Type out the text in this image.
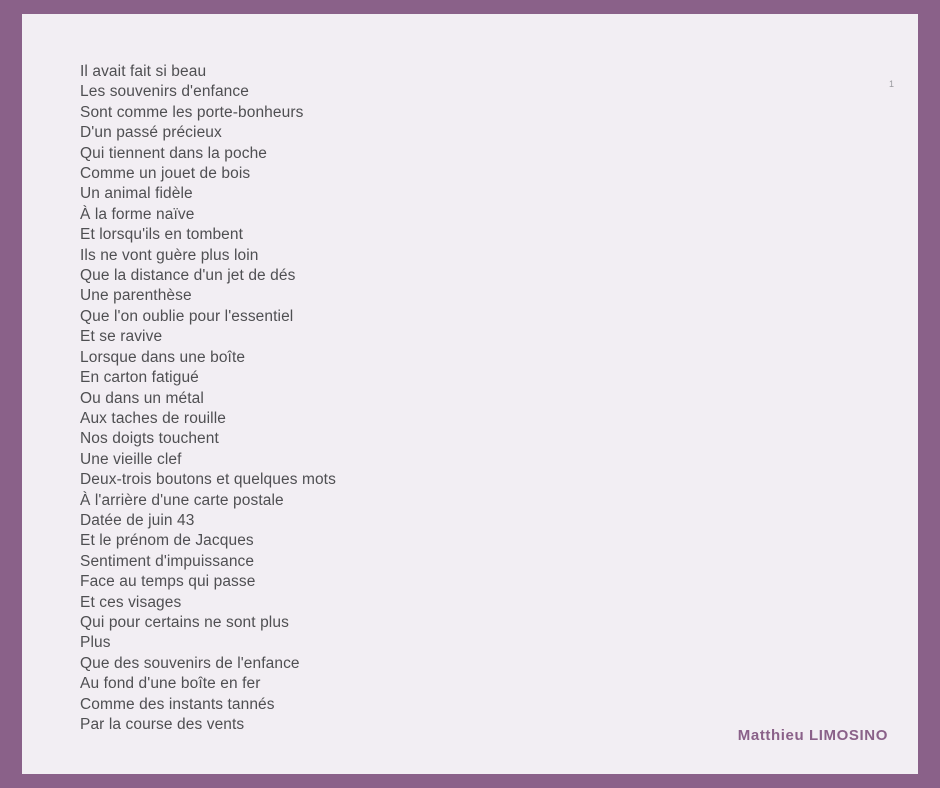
1
Il avait fait si beau
Les souvenirs d'enfance
Sont comme les porte-bonheurs
D'un passé précieux
Qui tiennent dans la poche
Comme un jouet de bois
Un animal fidèle
À la forme naïve
Et lorsqu'ils en tombent
Ils ne vont guère plus loin
Que la distance d'un jet de dés
Une parenthèse
Que l'on oublie pour l'essentiel
Et se ravive
Lorsque dans une boîte
En carton fatigué
Ou dans un métal
Aux taches de rouille
Nos doigts touchent
Une vieille clef
Deux-trois boutons et quelques mots
À l'arrière d'une carte postale
Datée de juin 43
Et le prénom de Jacques
Sentiment d'impuissance
Face au temps qui passe
Et ces visages
Qui pour certains ne sont plus
Plus
Que des souvenirs de l'enfance
Au fond d'une boîte en fer
Comme des instants tannés
Par la course des vents
Matthieu LIMOSINO
